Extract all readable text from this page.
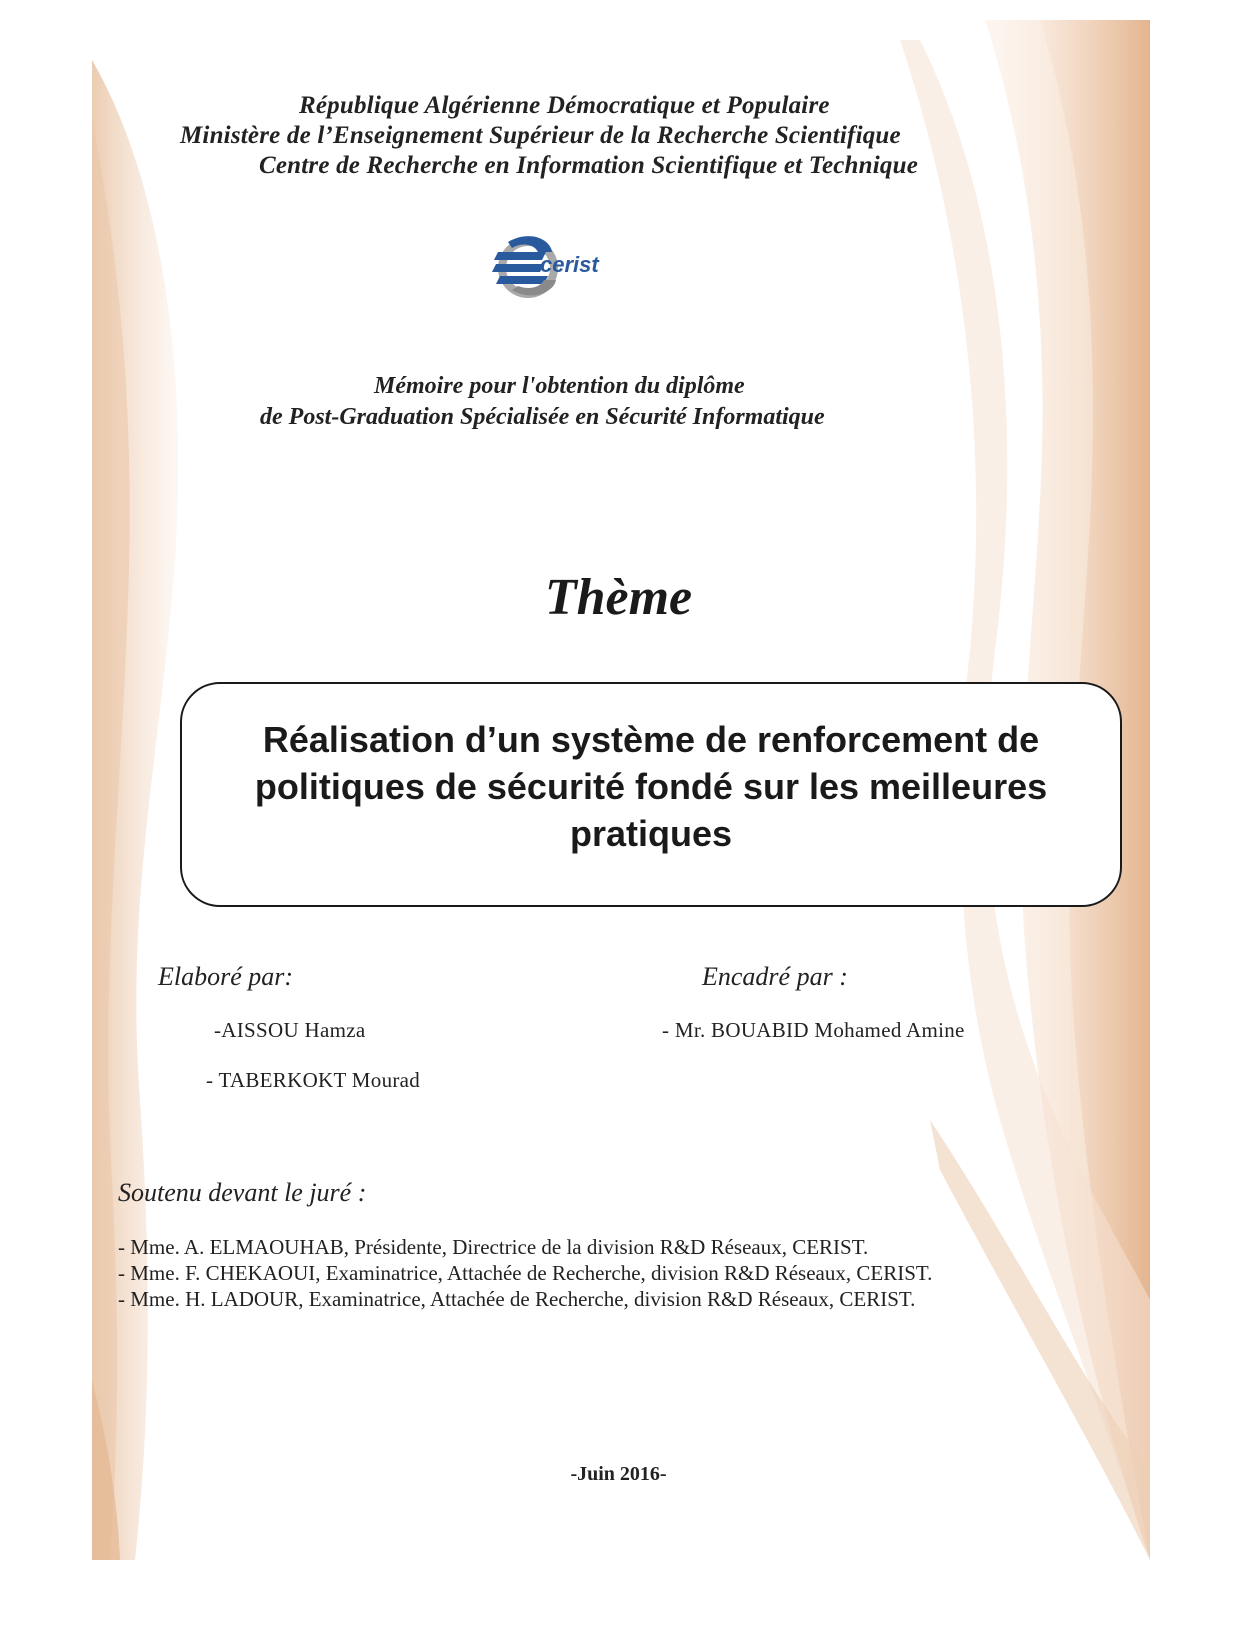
République Algérienne Démocratique et Populaire
Ministère de l’Enseignement Supérieur de la Recherche Scientifique
Centre de Recherche en Information Scientifique et Technique
cerist
Mémoire pour l'obtention du diplôme
de Post-Graduation Spécialisée en Sécurité Informatique
Thème
Réalisation d’un système de renforcement de politiques de sécurité fondé sur les meilleures pratiques
Elaboré par:
-AISSOU Hamza
- TABERKOKT Mourad
Encadré par :
- Mr. BOUABID Mohamed Amine
Soutenu devant le juré :
- Mme. A. ELMAOUHAB, Présidente, Directrice de la division R&D Réseaux, CERIST.
- Mme. F. CHEKAOUI, Examinatrice, Attachée de Recherche, division R&D Réseaux, CERIST.
- Mme. H. LADOUR, Examinatrice, Attachée de Recherche, division R&D Réseaux, CERIST.
-Juin 2016-
